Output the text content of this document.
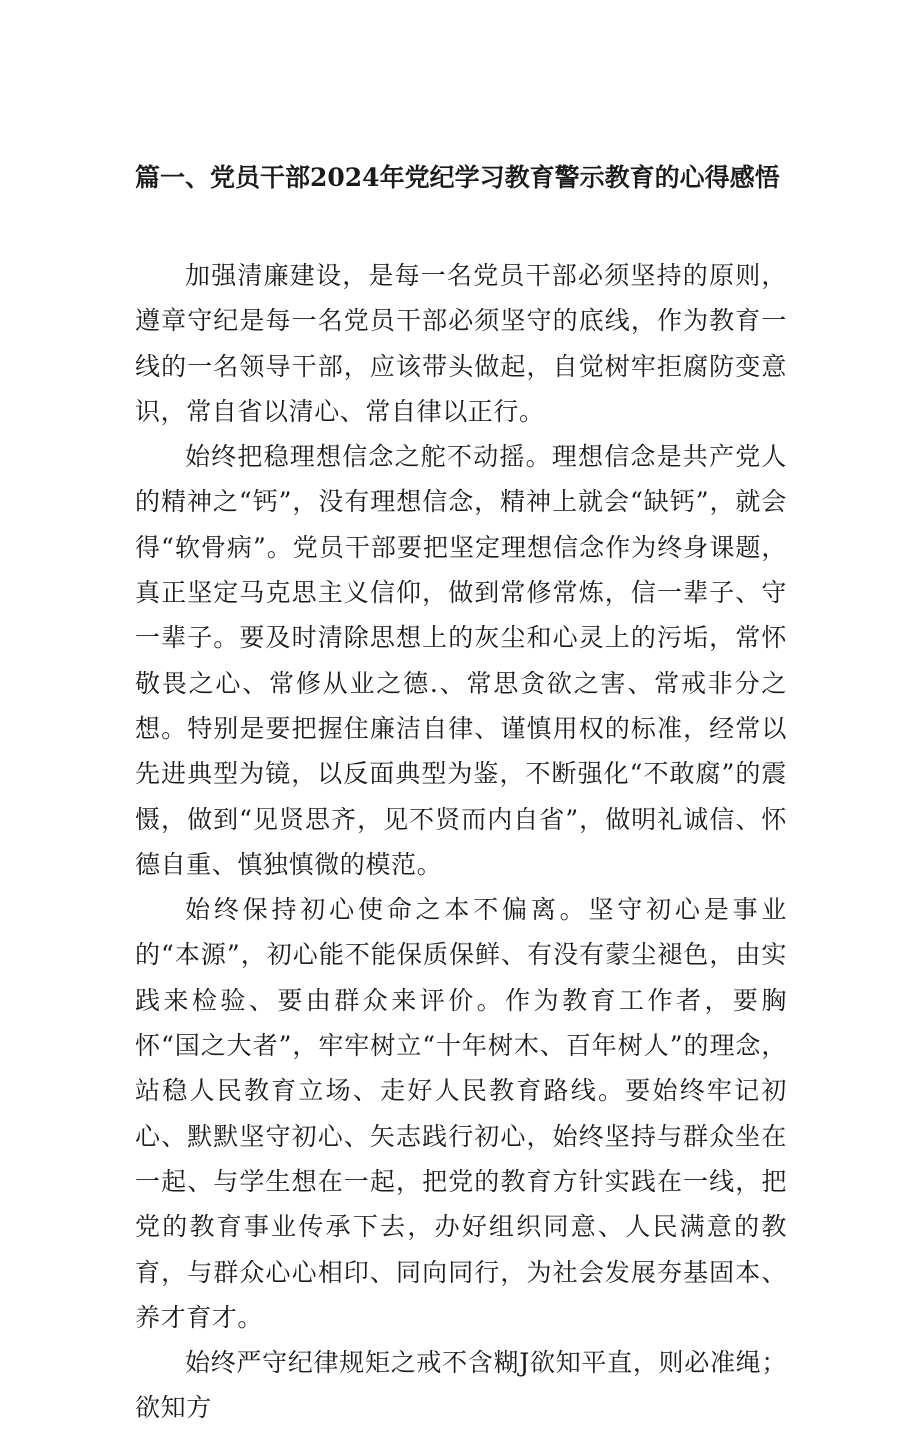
篇一、党员干部2024年党纪学习教育警示教育的心得感悟

加强清廉建设，是每一名党员干部必须坚持的原则，遵章守纪是每一名党员干部必须坚守的底线，作为教育一线的一名领导干部，应该带头做起，自觉树牢拒腐防变意识，常自省以清心、常自律以正行。

始终把稳理想信念之舵不动摇。理想信念是共产党人的精神之“钙”，没有理想信念，精神上就会“缺钙”，就会得“软骨病”。党员干部要把坚定理想信念作为终身课题，真正坚定马克思主义信仰，做到常修常炼，信一辈子、守一辈子。要及时清除思想上的灰尘和心灵上的污垢，常怀敬畏之心、常修从业之德.、常思贪欲之害、常戒非分之想。特别是要把握住廉洁自律、谨慎用权的标准，经常以先进典型为镜，以反面典型为鉴，不断强化“不敢腐”的震慑，做到“见贤思齐，见不贤而内自省”，做明礼诚信、怀德自重、慎独慎微的模范。

始终保持初心使命之本不偏离。坚守初心是事业的“本源”，初心能不能保质保鲜、有没有蒙尘褪色，由实践来检验、要由群众来评价。作为教育工作者，要胸怀“国之大者”，牢牢树立“十年树木、百年树人”的理念，站稳人民教育立场、走好人民教育路线。要始终牢记初心、默默坚守初心、矢志践行初心，始终坚持与群众坐在一起、与学生想在一起，把党的教育方针实践在一线，把党的教育事业传承下去，办好组织同意、人民满意的教育，与群众心心相印、同向同行，为社会发展夯基固本、养才育才。

始终严守纪律规矩之戒不含糊J欲知平直，则必准绳；欲知方
